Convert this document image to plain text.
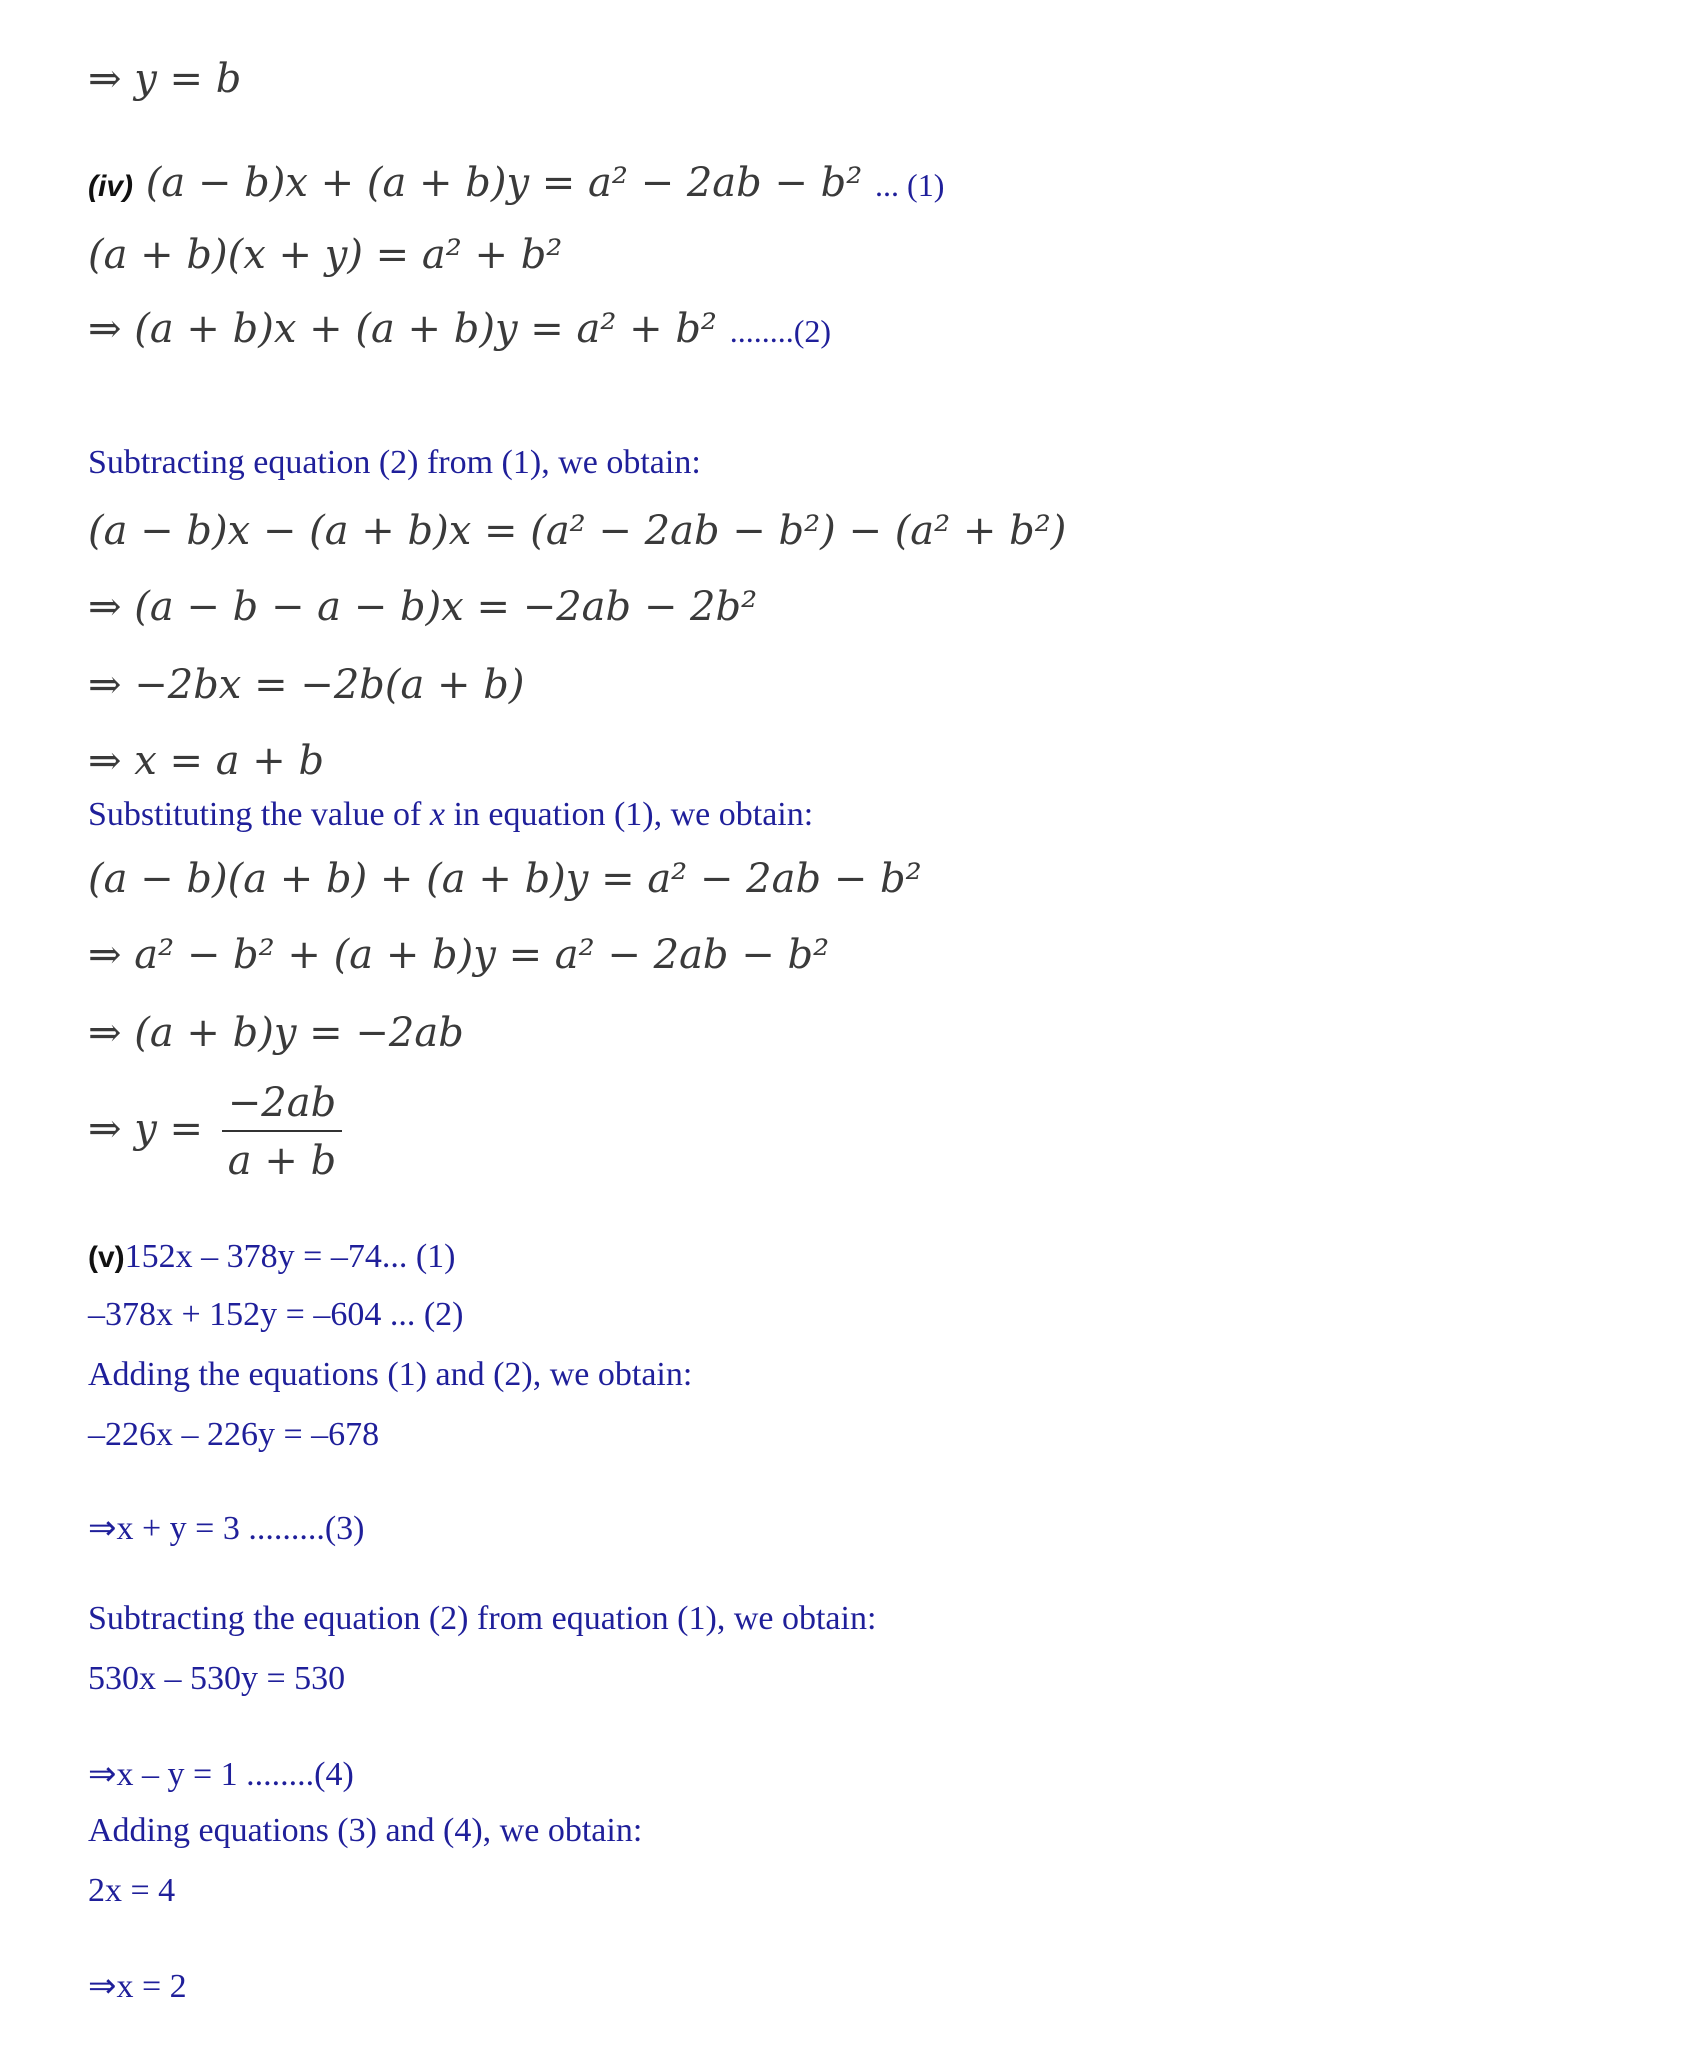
⇒ y = b
(iv) (a − b)x + (a + b)y = a² − 2ab − b² ... (1)
(a + b)(x + y) = a² + b²
⇒ (a + b)x + (a + b)y = a² + b² ........(2)
Subtracting equation (2) from (1), we obtain:
(a − b)x − (a + b)x = (a² − 2ab − b²) − (a² + b²)
⇒ (a − b − a − b)x = −2ab − 2b²
⇒ −2bx = −2b(a + b)
⇒ x = a + b
Substituting the value of x in equation (1), we obtain:
(a − b)(a + b) + (a + b)y = a² − 2ab − b²
⇒ a² − b² + (a + b)y = a² − 2ab − b²
⇒ (a + b)y = −2ab
⇒ $y = \frac{-2ab}{a + b}$
(v)152x – 378y = –74... (1)
–378x + 152y = –604 ... (2)
Adding the equations (1) and (2), we obtain:
–226x – 226y = –678
⇒x + y = 3 .........(3)
Subtracting the equation (2) from equation (1), we obtain:
530x – 530y = 530
⇒x – y = 1 ........(4)
Adding equations (3) and (4), we obtain:
2x = 4
⇒x = 2
